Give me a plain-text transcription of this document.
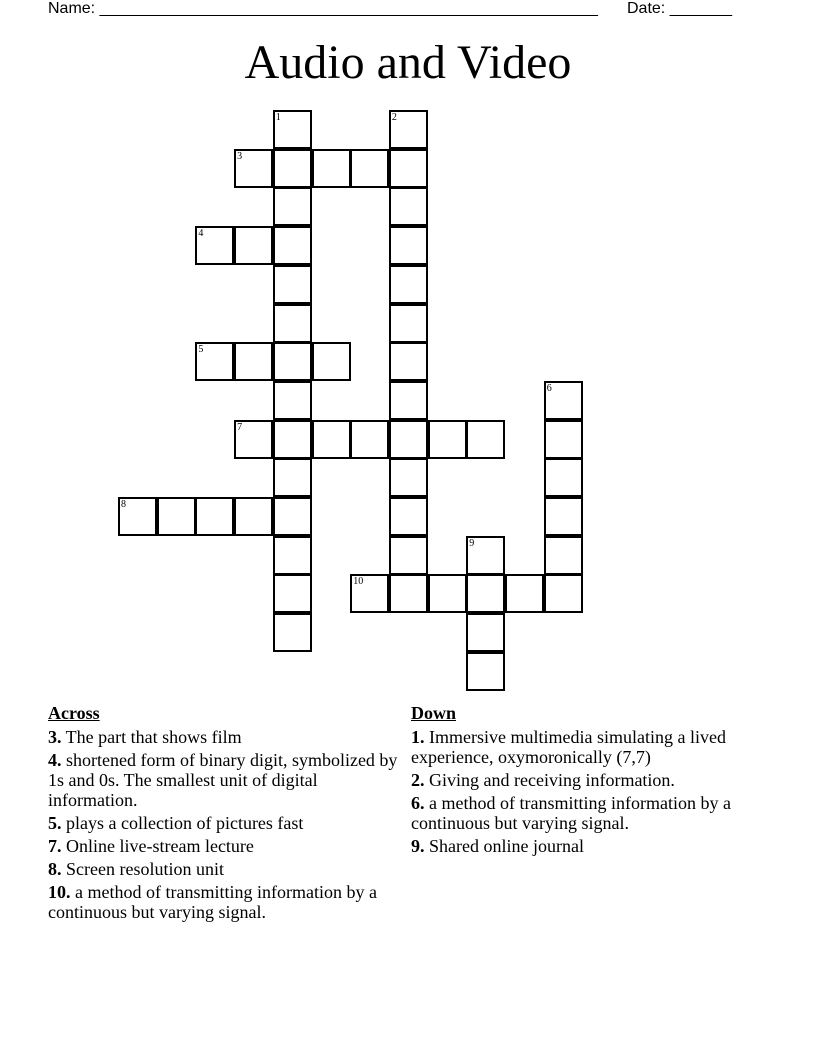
Name: ________________________________________________________ Date: _______
Audio and Video
1	2
3
4
5
6
7
8
9
10
Across
3. The part that shows film
4. shortened form of binary digit, symbolized by 1s and 0s. The smallest unit of digital information.
5. plays a collection of pictures fast
7. Online live-stream lecture
8. Screen resolution unit
10. a method of transmitting information by a continuous but varying signal.
Down
1. Immersive multimedia simulating a lived experience, oxymoronically (7,7)
2. Giving and receiving information.
6. a method of transmitting information by a continuous but varying signal.
9. Shared online journal
